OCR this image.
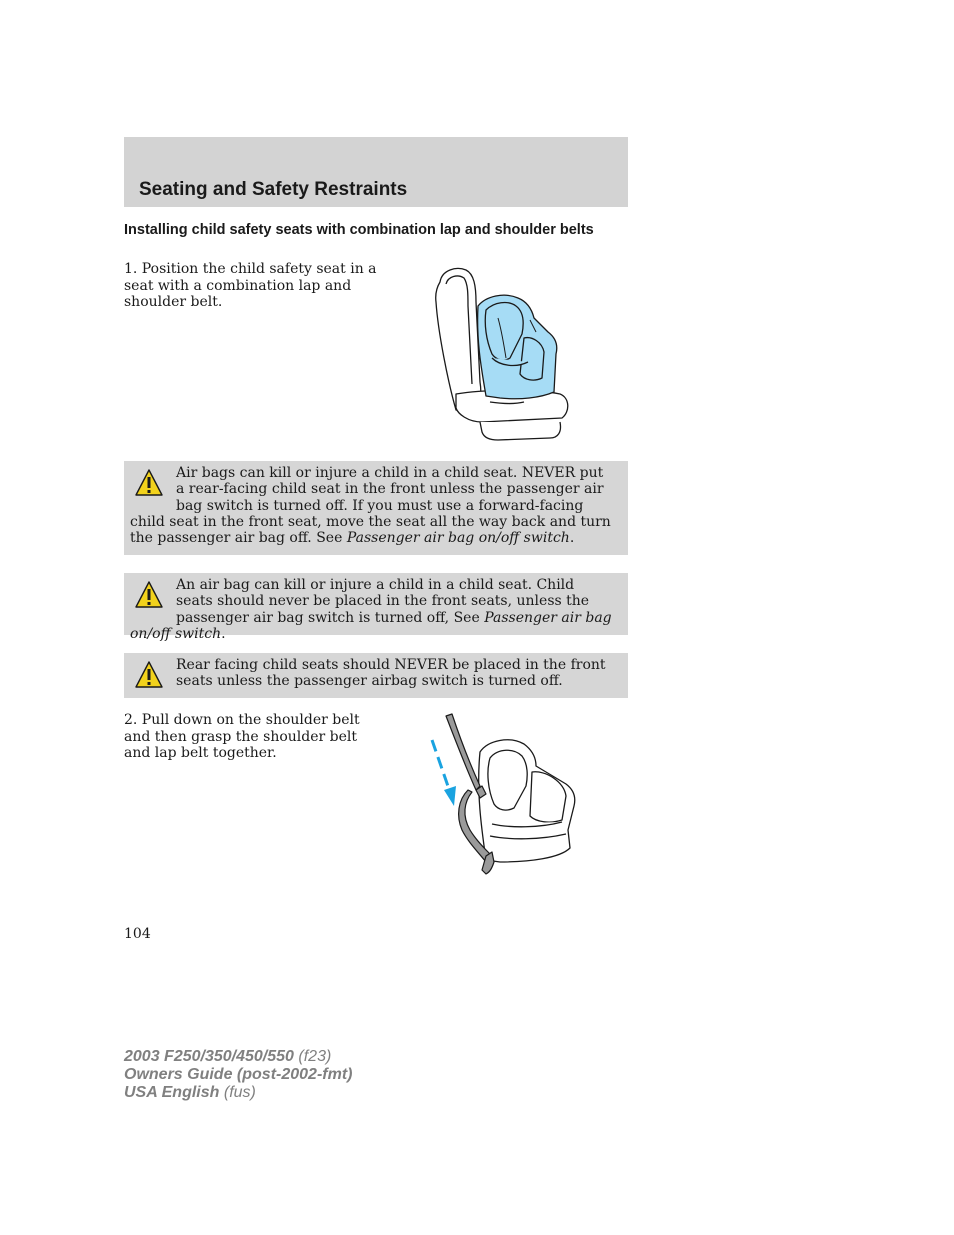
Seating and Safety Restraints
Installing child safety seats with combination lap and shoulder belts

1. Position the child safety seat in a seat with a combination lap and shoulder belt.

Air bags can kill or injure a child in a child seat. NEVER put a rear-facing child seat in the front unless the passenger air bag switch is turned off. If you must use a forward-facing child seat in the front seat, move the seat all the way back and turn the passenger air bag off. See Passenger air bag on/off switch.

An air bag can kill or injure a child in a child seat. Child seats should never be placed in the front seats, unless the passenger air bag switch is turned off, See Passenger air bag on/off switch.

Rear facing child seats should NEVER be placed in the front seats unless the passenger airbag switch is turned off.

2. Pull down on the shoulder belt and then grasp the shoulder belt and lap belt together.

104

2003 F250/350/450/550 (f23)
Owners Guide (post-2002-fmt)
USA English (fus)
